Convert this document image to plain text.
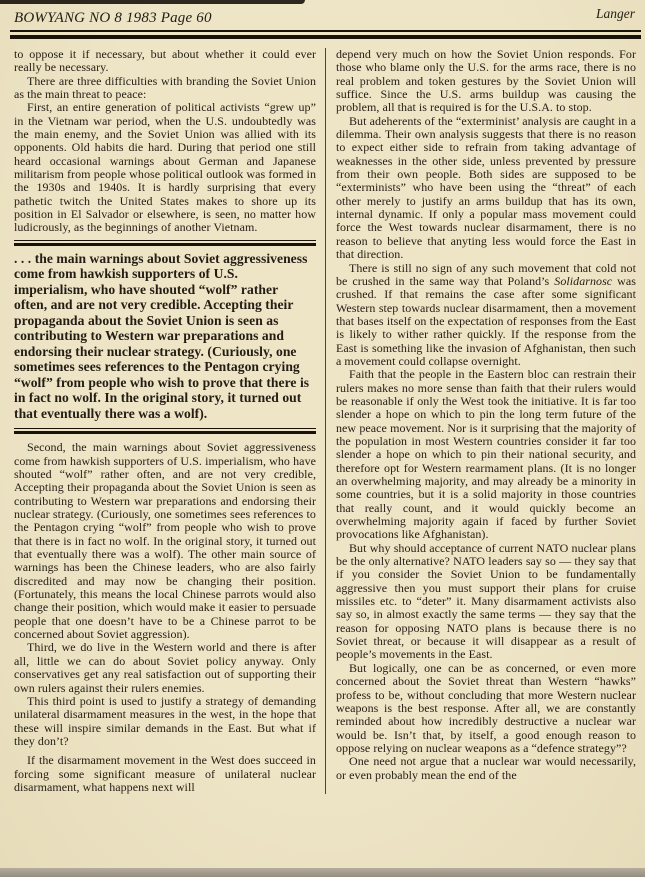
BOWYANG NO 8 1983 Page 60	Langer

to oppose it if necessary, but about whether it could ever really be necessary.

There are three difficulties with branding the Soviet Union as the main threat to peace:

First, an entire generation of political activists “grew up” in the Vietnam war period, when the U.S. undoubtedly was the main enemy, and the Soviet Union was allied with its opponents. Old habits die hard. During that period one still heard occasional warnings about German and Japanese militarism from people whose political outlook was formed in the 1930s and 1940s. It is hardly surprising that every pathetic twitch the United States makes to shore up its position in El Salvador or elsewhere, is seen, no matter how ludicrously, as the beginnings of another Vietnam.

. . . the main warnings about Soviet aggressiveness come from hawkish supporters of U.S. imperialism, who have shouted “wolf” rather often, and are not very credible. Accepting their propaganda about the Soviet Union is seen as contributing to Western war preparations and endorsing their nuclear strategy. (Curiously, one sometimes sees references to the Pentagon crying “wolf” from people who wish to prove that there is in fact no wolf. In the original story, it turned out that eventually there was a wolf).

Second, the main warnings about Soviet aggressiveness come from hawkish supporters of U.S. imperialism, who have shouted “wolf” rather often, and are not very credible, Accepting their propaganda about the Soviet Union is seen as contributing to Western war preparations and endorsing their nuclear strategy. (Curiously, one sometimes sees references to the Pentagon crying “wolf” from people who wish to prove that there is in fact no wolf. In the original story, it turned out that eventually there was a wolf). The other main source of warnings has been the Chinese leaders, who are also fairly discredited and may now be changing their position. (Fortunately, this means the local Chinese parrots would also change their position, which would make it easier to persuade people that one doesn’t have to be a Chinese parrot to be concerned about Soviet aggression).

Third, we do live in the Western world and there is after all, little we can do about Soviet policy anyway. Only conservatives get any real satisfaction out of supporting their own rulers against their rulers enemies.

This third point is used to justify a strategy of demanding unilateral disarmament measures in the west, in the hope that these will inspire similar demands in the East. But what if they don’t?

If the disarmament movement in the West does succeed in forcing some significant measure of unilateral nuclear disarmament, what happens next will

depend very much on how the Soviet Union responds. For those who blame only the U.S. for the arms race, there is no real problem and token gestures by the Soviet Union will suffice. Since the U.S. arms buildup was causing the problem, all that is required is for the U.S.A. to stop.

But adeherents of the “exterminist’ analysis are caught in a dilemma. Their own analysis suggests that there is no reason to expect either side to refrain from taking advantage of weaknesses in the other side, unless prevented by pressure from their own people. Both sides are supposed to be “exterminists” who have been using the “threat” of each other merely to justify an arms buildup that has its own, internal dynamic. If only a popular mass movement could force the West towards nuclear disarmament, there is no reason to believe that anyting less would force the East in that direction.

There is still no sign of any such movement that cold not be crushed in the same way that Poland’s Solidarnosc was crushed. If that remains the case after some significant Western step towards nuclear disarmament, then a movement that bases itself on the expectation of responses from the East is likely to wither rather quickly. If the response from the East is something like the invasion of Afghanistan, then such a movement could collapse overnight.

Faith that the people in the Eastern bloc can restrain their rulers makes no more sense than faith that their rulers would be reasonable if only the West took the initiative. It is far too slender a hope on which to pin the long term future of the new peace movement. Nor is it surprising that the majority of the population in most Western countries consider it far too slender a hope on which to pin their national security, and therefore opt for Western rearmament plans. (It is no longer an overwhelming majority, and may already be a minority in some countries, but it is a solid majority in those countries that really count, and it would quickly become an overwhelming majority again if faced by further Soviet provocations like Afghanistan).

But why should acceptance of current NATO nuclear plans be the only alternative? NATO leaders say so — they say that if you consider the Soviet Union to be fundamentally aggressive then you must support their plans for cruise missiles etc. to “deter” it. Many disarmament activists also say so, in almost exactly the same terms — they say that the reason for opposing NATO plans is because there is no Soviet threat, or because it will disappear as a result of people’s movements in the East.

But logically, one can be as concerned, or even more concerned about the Soviet threat than Western “hawks” profess to be, without concluding that more Western nuclear weapons is the best response. After all, we are constantly reminded about how incredibly destructive a nuclear war would be. Isn’t that, by itself, a good enough reason to oppose relying on nuclear weapons as a “defence strategy”?

One need not argue that a nuclear war would necessarily, or even probably mean the end of the
